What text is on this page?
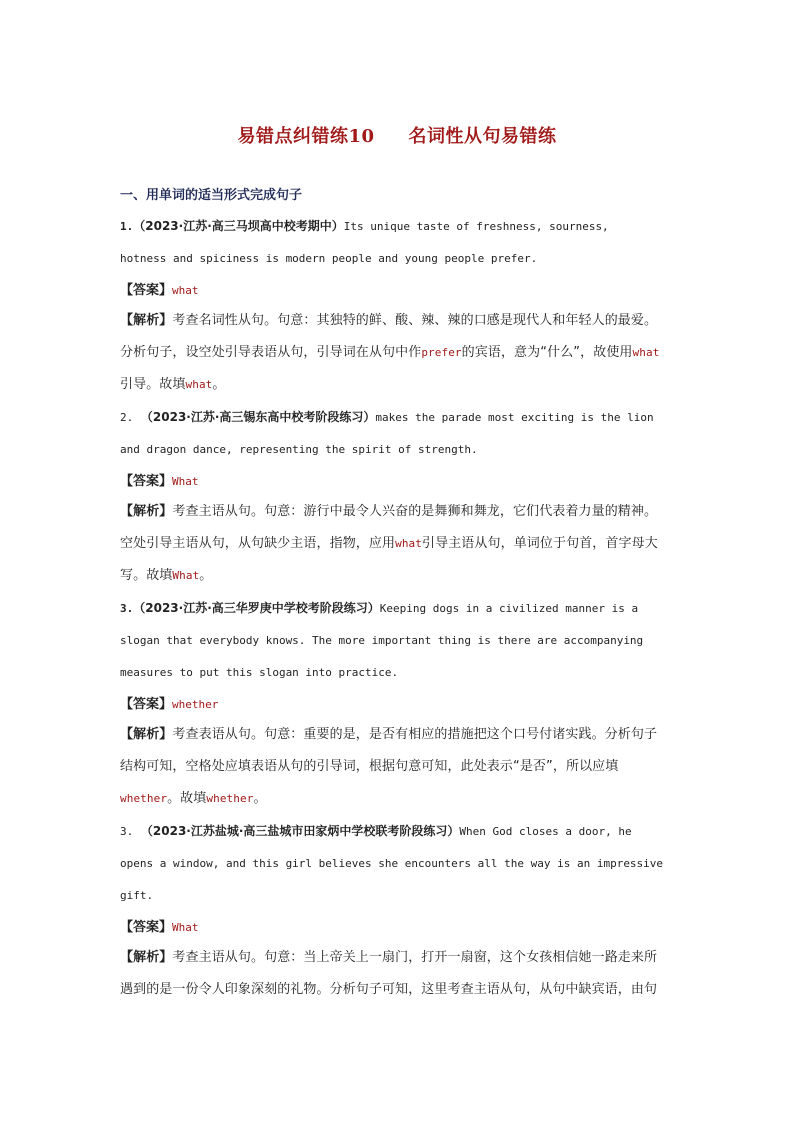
易错点纠错练10 名词性从句易错练
一、用单词的适当形式完成句子
1.（2023·江苏·高三马坝高中校考期中）Its unique taste of freshness, sourness,
hotness and spiciness is modern people and young people prefer.
【答案】what
【解析】考查名词性从句。句意：其独特的鲜、酸、辣、辣的口感是现代人和年轻人的最爱。
分析句子，设空处引导表语从句，引导词在从句中作prefer的宾语，意为“什么”，故使用what
引导。故填what。
2. （2023·江苏·高三锡东高中校考阶段练习）makes the parade most exciting is the lion
and dragon dance, representing the spirit of strength.
【答案】What
【解析】考查主语从句。句意：游行中最令人兴奋的是舞狮和舞龙，它们代表着力量的精神。
空处引导主语从句，从句缺少主语，指物，应用what引导主语从句，单词位于句首，首字母大
写。故填What。
3.（2023·江苏·高三华罗庚中学校考阶段练习）Keeping dogs in a civilized manner is a
slogan that everybody knows. The more important thing is there are accompanying
measures to put this slogan into practice.
【答案】whether
【解析】考查表语从句。句意：重要的是，是否有相应的措施把这个口号付诸实践。分析句子
结构可知，空格处应填表语从句的引导词，根据句意可知，此处表示“是否”，所以应填
whether。故填whether。
3. （2023·江苏盐城·高三盐城市田家炳中学校联考阶段练习）When God closes a door, he
opens a window, and this girl believes she encounters all the way is an impressive
gift.
【答案】What
【解析】考查主语从句。句意：当上帝关上一扇门，打开一扇窗，这个女孩相信她一路走来所
遇到的是一份令人印象深刻的礼物。分析句子可知，这里考查主语从句，从句中缺宾语，由句
